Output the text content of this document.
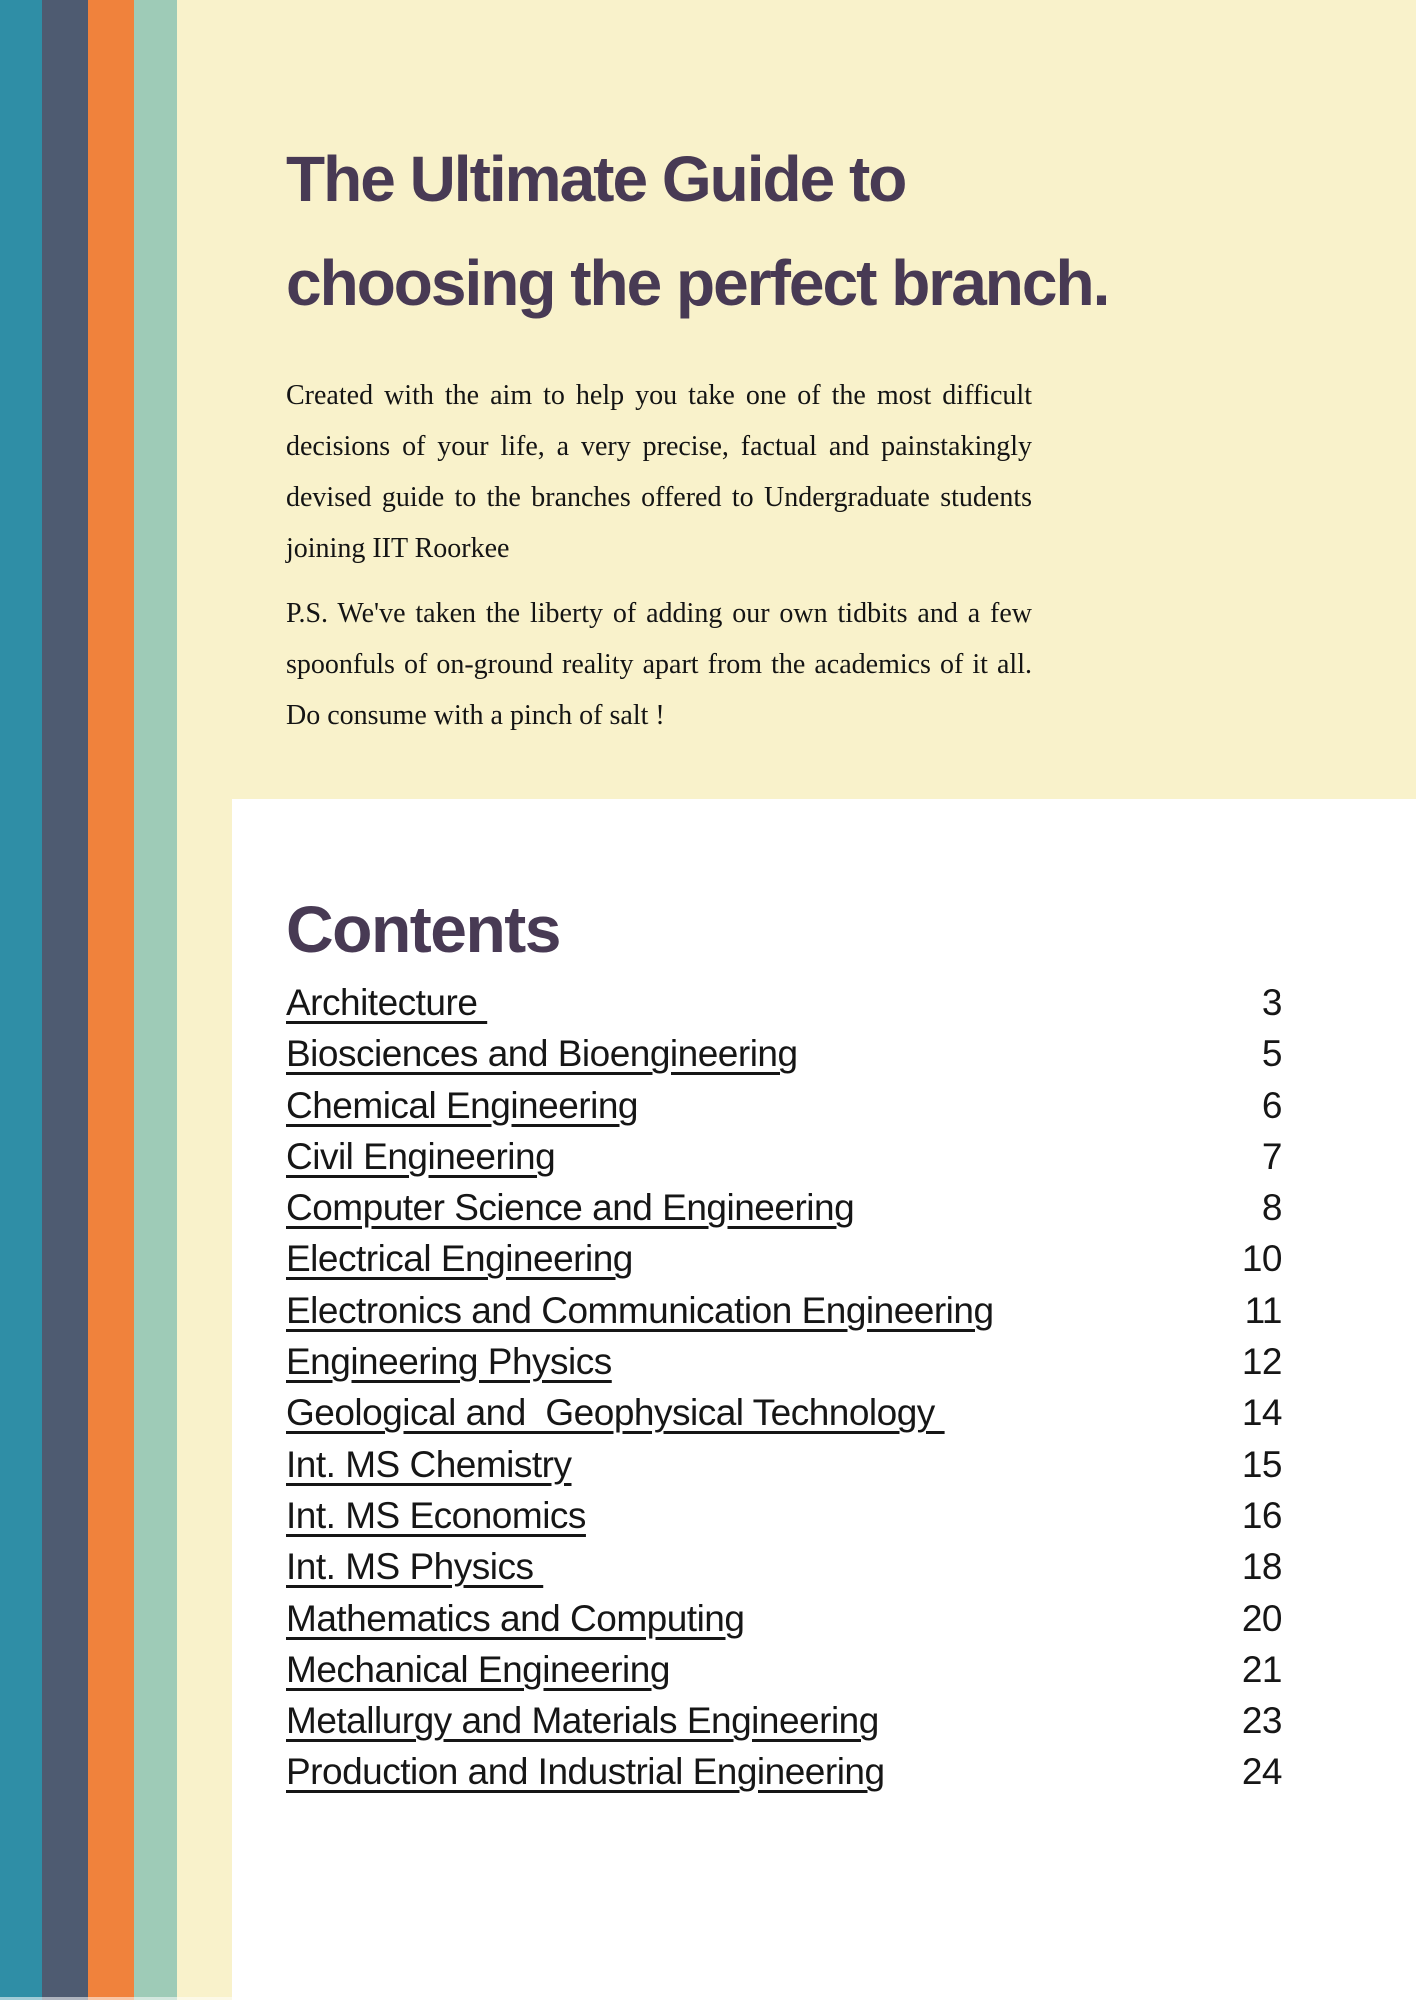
The Ultimate Guide to
choosing the perfect branch.

Created with the aim to help you take one of the most difficult decisions of your life, a very precise, factual and painstakingly devised guide to the branches offered to Undergraduate students joining IIT Roorkee

P.S. We've taken the liberty of adding our own tidbits and a few spoonfuls of on-ground reality apart from the academics of it all. Do consume with a pinch of salt !

Contents
Architecture	3
Biosciences and Bioengineering	5
Chemical Engineering	6
Civil Engineering	7
Computer Science and Engineering	8
Electrical Engineering	10
Electronics and Communication Engineering	11
Engineering Physics	12
Geological and  Geophysical Technology	14
Int. MS Chemistry	15
Int. MS Economics	16
Int. MS Physics	18
Mathematics and Computing	20
Mechanical Engineering	21
Metallurgy and Materials Engineering	23
Production and Industrial Engineering	24
